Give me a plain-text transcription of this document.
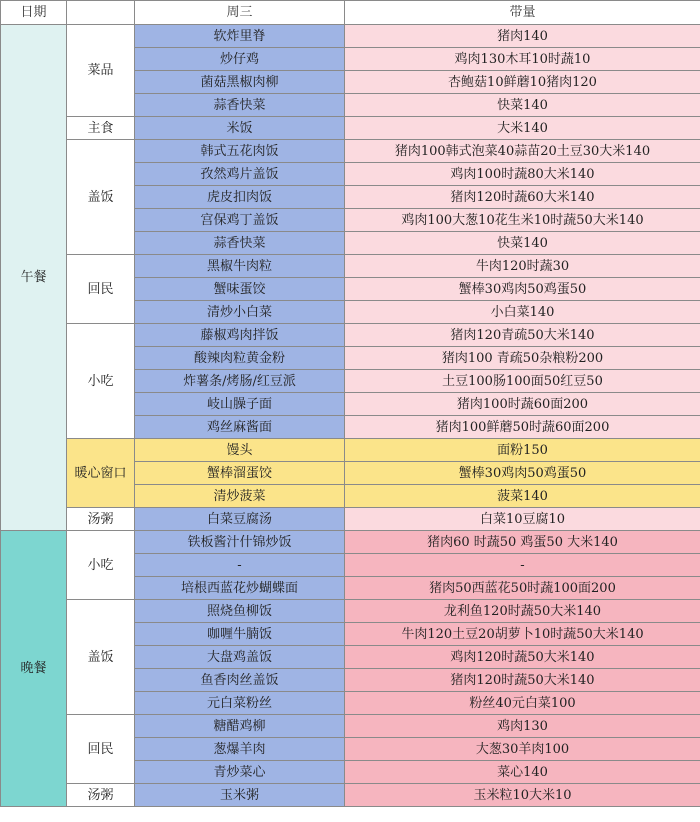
日期		周三	带量
午餐	菜品	软炸里脊	猪肉140
		炒仔鸡	鸡肉130木耳10时蔬10
		菌菇黑椒肉柳	杏鲍菇10鲜蘑10猪肉120
		蒜香快菜	快菜140
	主食	米饭	大米140
	盖饭	韩式五花肉饭	猪肉100韩式泡菜40蒜苗20土豆30大米140
		孜然鸡片盖饭	鸡肉100时蔬80大米140
		虎皮扣肉饭	猪肉120时蔬60大米140
		宫保鸡丁盖饭	鸡肉100大葱10花生米10时蔬50大米140
		蒜香快菜	快菜140
	回民	黑椒牛肉粒	牛肉120时蔬30
		蟹味蛋饺	蟹棒30鸡肉50鸡蛋50
		清炒小白菜	小白菜140
	小吃	藤椒鸡肉拌饭	猪肉120青疏50大米140
		酸辣肉粒黄金粉	猪肉100 青疏50杂粮粉200
		炸薯条/烤肠/红豆派	土豆100肠100面50红豆50
		岐山臊子面	猪肉100时蔬60面200
		鸡丝麻酱面	猪肉100鲜蘑50时蔬60面200
	暖心窗口	馒头	面粉150
		蟹棒溜蛋饺	蟹棒30鸡肉50鸡蛋50
		清炒菠菜	菠菜140
	汤粥	白菜豆腐汤	白菜10豆腐10
晚餐	小吃	铁板酱汁什锦炒饭	猪肉60 时蔬50 鸡蛋50 大米140
		-	-
		培根西蓝花炒蝴蝶面	猪肉50西蓝花50时蔬100面200
	盖饭	照烧鱼柳饭	龙利鱼120时蔬50大米140
		咖喱牛腩饭	牛肉120土豆20胡萝卜10时蔬50大米140
		大盘鸡盖饭	鸡肉120时蔬50大米140
		鱼香肉丝盖饭	猪肉120时蔬50大米140
		元白菜粉丝	粉丝40元白菜100
	回民	糖醋鸡柳	鸡肉130
		葱爆羊肉	大葱30羊肉100
		青炒菜心	菜心140
	汤粥	玉米粥	玉米粒10大米10
